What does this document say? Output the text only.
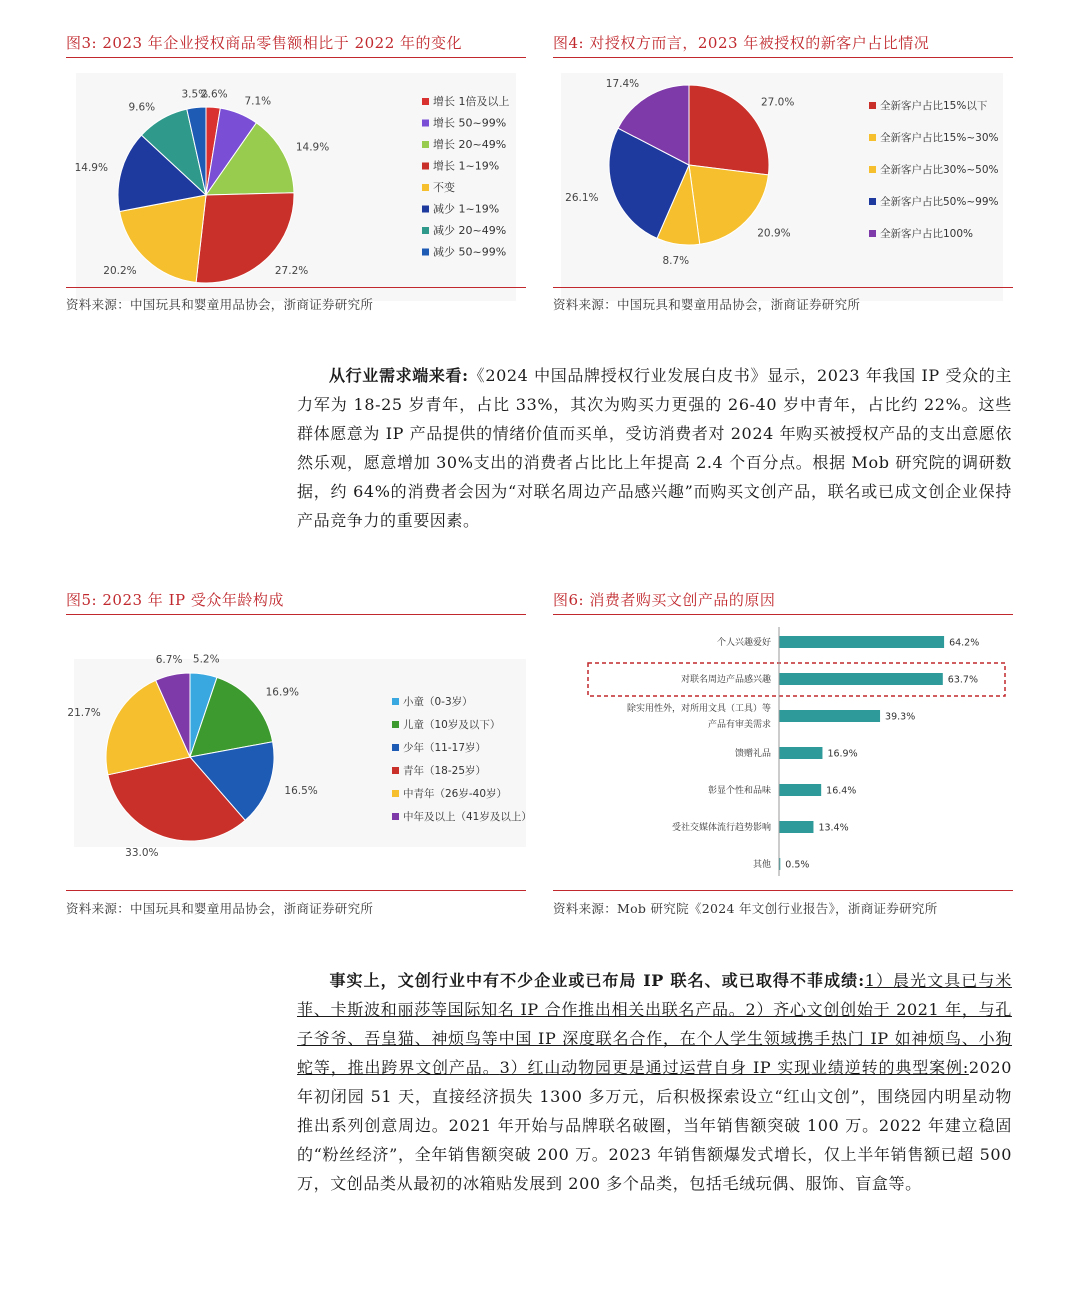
图3: 2023 年企业授权商品零售额相比于 2022 年的变化
2.6%
7.1%
14.9%
27.2%
20.2%
14.9%
9.6%
3.5%
增长 1倍及以上
增长 50~99%
增长 20~49%
增长 1~19%
不变
减少 1~19%
减少 20~49%
减少 50~99%
资料来源：中国玩具和婴童用品协会，浙商证券研究所
图4: 对授权方而言，2023 年被授权的新客户占比情况
27.0%
20.9%
8.7%
26.1%
17.4%
全新客户占比15%以下
全新客户占比15%~30%
全新客户占比30%~50%
全新客户占比50%~99%
全新客户占比100%
资料来源：中国玩具和婴童用品协会，浙商证券研究所
从行业需求端来看:《2024 中国品牌授权行业发展白皮书》显示，2023 年我国 IP 受众的主力军为 18-25 岁青年，占比 33%，其次为购买力更强的 26-40 岁中青年，占比约 22%。这些群体愿意为 IP 产品提供的情绪价值而买单，受访消费者对 2024 年购买被授权产品的支出意愿依然乐观，愿意增加 30%支出的消费者占比比上年提高 2.4 个百分点。根据 Mob 研究院的调研数据，约 64%的消费者会因为“对联名周边产品感兴趣”而购买文创产品，联名或已成文创企业保持产品竞争力的重要因素。
图5: 2023 年 IP 受众年龄构成
5.2%
16.9%
16.5%
33.0%
21.7%
6.7%
小童（0-3岁）
儿童（10岁及以下）
少年（11-17岁）
青年（18-25岁）
中青年（26岁-40岁）
中年及以上（41岁及以上）
资料来源：中国玩具和婴童用品协会，浙商证券研究所
图6: 消费者购买文创产品的原因
个人兴趣爱好	64.2%
对联名周边产品感兴趣	63.7%
除实用性外，对所用文具（工具）等
产品有审美需求
39.3%
馈赠礼品	16.9%
彰显个性和品味	16.4%
受社交媒体流行趋势影响	13.4%
其他 0.5%
资料来源：Mob 研究院《2024 年文创行业报告》，浙商证券研究所
事实上，文创行业中有不少企业或已布局 IP 联名、或已取得不菲成绩:1）晨光文具已与米菲、卡斯波和丽莎等国际知名 IP 合作推出相关出联名产品。2）齐心文创创始于 2021 年，与孔子爷爷、吾皇猫、神烦鸟等中国 IP 深度联名合作，在个人学生领域携手热门 IP 如神烦鸟、小狗蛇等，推出跨界文创产品。3）红山动物园更是通过运营自身 IP 实现业绩逆转的典型案例:2020 年初闭园 51 天，直接经济损失 1300 多万元，后积极探索设立“红山文创”，围绕园内明星动物推出系列创意周边。2021 年开始与品牌联名破圈，当年销售额突破 100 万。2022 年建立稳固的“粉丝经济”，全年销售额突破 200 万。2023 年销售额爆发式增长，仅上半年销售额已超 500 万，文创品类从最初的冰箱贴发展到 200 多个品类，包括毛绒玩偶、服饰、盲盒等。
